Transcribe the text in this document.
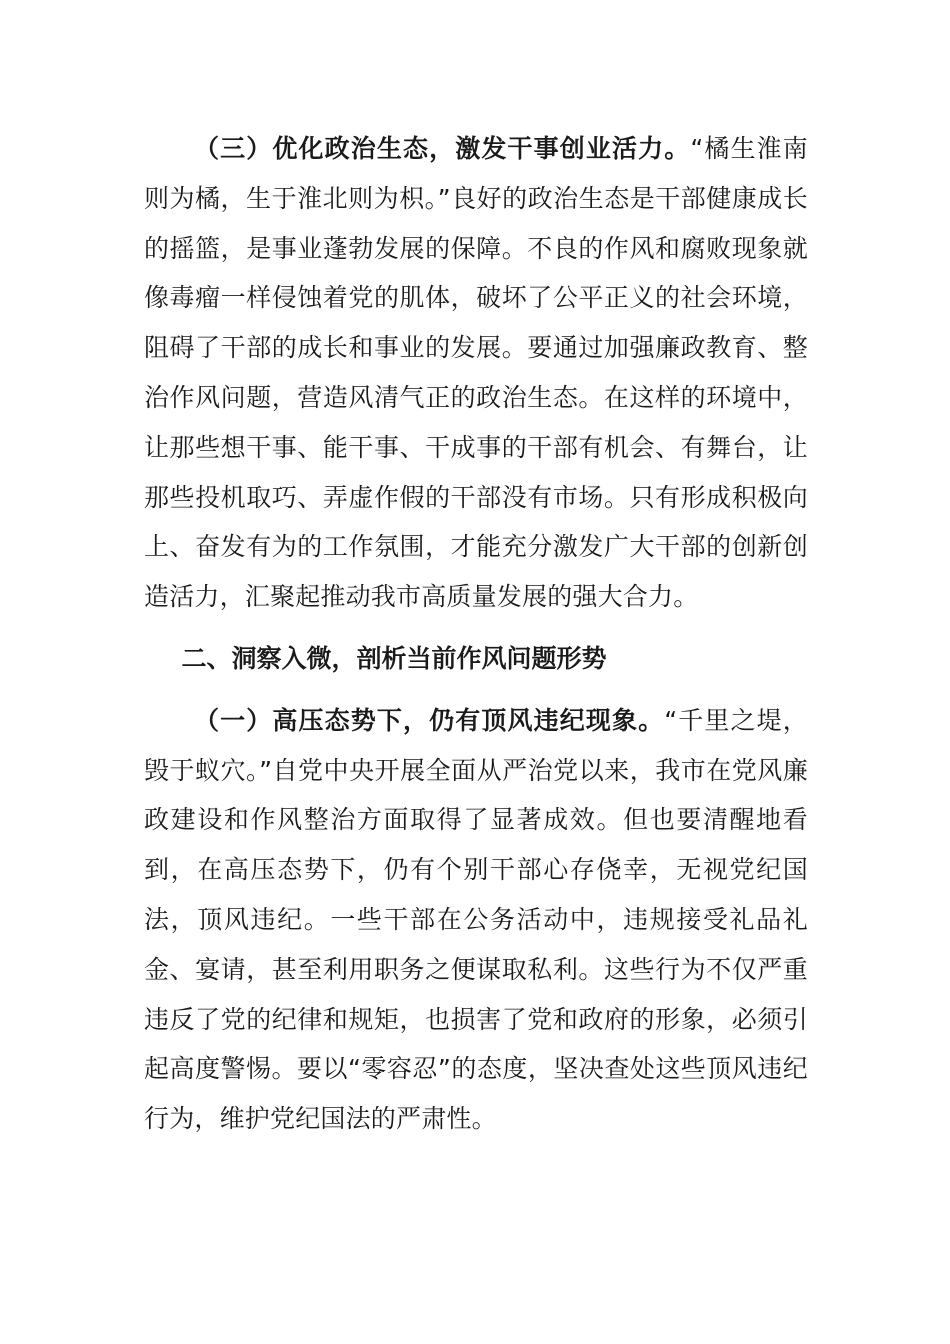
（三）优化政治生态，激发干事创业活力。“橘生淮南则为橘，生于淮北则为枳。”良好的政治生态是干部健康成长的摇篮，是事业蓬勃发展的保障。不良的作风和腐败现象就像毒瘤一样侵蚀着党的肌体，破坏了公平正义的社会环境，阻碍了干部的成长和事业的发展。要通过加强廉政教育、整治作风问题，营造风清气正的政治生态。在这样的环境中，让那些想干事、能干事、干成事的干部有机会、有舞台，让那些投机取巧、弄虚作假的干部没有市场。只有形成积极向上、奋发有为的工作氛围，才能充分激发广大干部的创新创造活力，汇聚起推动我市高质量发展的强大合力。

二、洞察入微，剖析当前作风问题形势

（一）高压态势下，仍有顶风违纪现象。“千里之堤，毁于蚁穴。”自党中央开展全面从严治党以来，我市在党风廉政建设和作风整治方面取得了显著成效。但也要清醒地看到，在高压态势下，仍有个别干部心存侥幸，无视党纪国法，顶风违纪。一些干部在公务活动中，违规接受礼品礼金、宴请，甚至利用职务之便谋取私利。这些行为不仅严重违反了党的纪律和规矩，也损害了党和政府的形象，必须引起高度警惕。要以“零容忍”的态度，坚决查处这些顶风违纪行为，维护党纪国法的严肃性。
